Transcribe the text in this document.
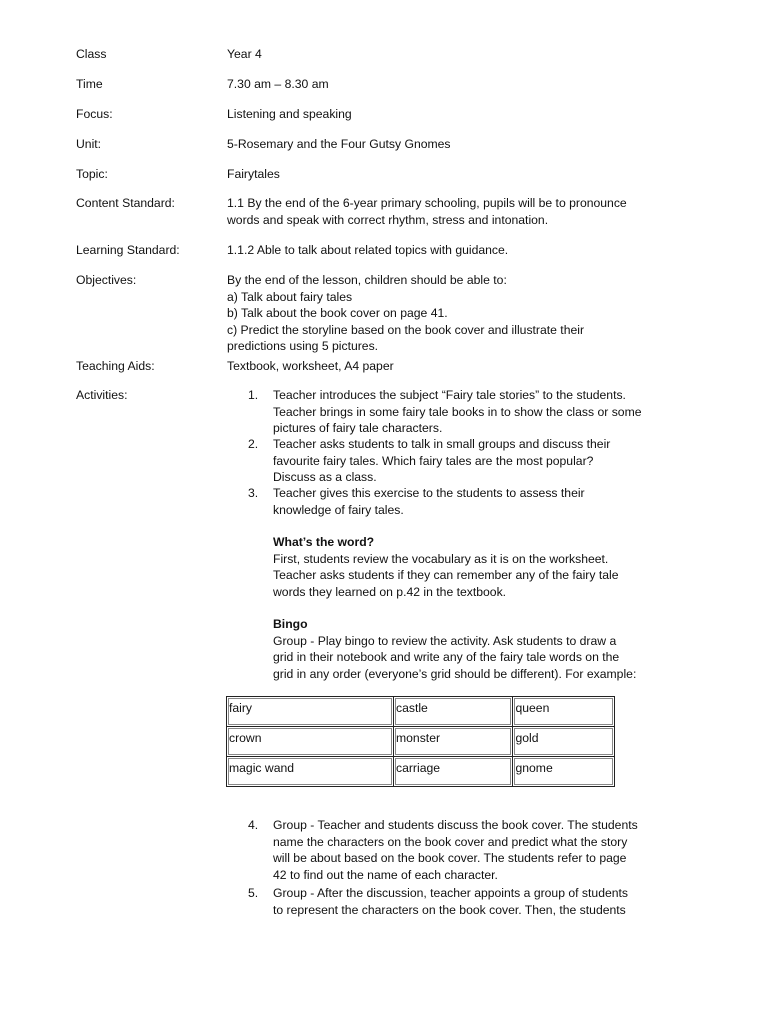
Class	Year 4
Time	7.30 am – 8.30 am
Focus:	Listening and speaking
Unit:	5-Rosemary and the Four Gutsy Gnomes
Topic:	Fairytales
Content Standard:	1.1 By the end of the 6-year primary schooling, pupils will be to pronounce
words and speak with correct rhythm, stress and intonation.
Learning Standard:	1.1.2 Able to talk about related topics with guidance.
Objectives:	By the end of the lesson, children should be able to:
a) Talk about fairy tales
b) Talk about the book cover on page 41.
c) Predict the storyline based on the book cover and illustrate their
predictions using 5 pictures.
Teaching Aids:	Textbook, worksheet, A4 paper
Activities:	1. Teacher introduces the subject “Fairy tale stories” to the students.
Teacher brings in some fairy tale books in to show the class or some
pictures of fairy tale characters.
2. Teacher asks students to talk in small groups and discuss their
favourite fairy tales. Which fairy tales are the most popular?
Discuss as a class.
3. Teacher gives this exercise to the students to assess their
knowledge of fairy tales.
What’s the word?
First, students review the vocabulary as it is on the worksheet.
Teacher asks students if they can remember any of the fairy tale
words they learned on p.42 in the textbook.
Bingo
Group - Play bingo to review the activity. Ask students to draw a
grid in their notebook and write any of the fairy tale words on the
grid in any order (everyone’s grid should be different). For example:
fairy	castle	queen
crown	monster	gold
magic wand	carriage	gnome
4. Group - Teacher and students discuss the book cover. The students
name the characters on the book cover and predict what the story
will be about based on the book cover. The students refer to page
42 to find out the name of each character.
5. Group - After the discussion, teacher appoints a group of students
to represent the characters on the book cover. Then, the students
